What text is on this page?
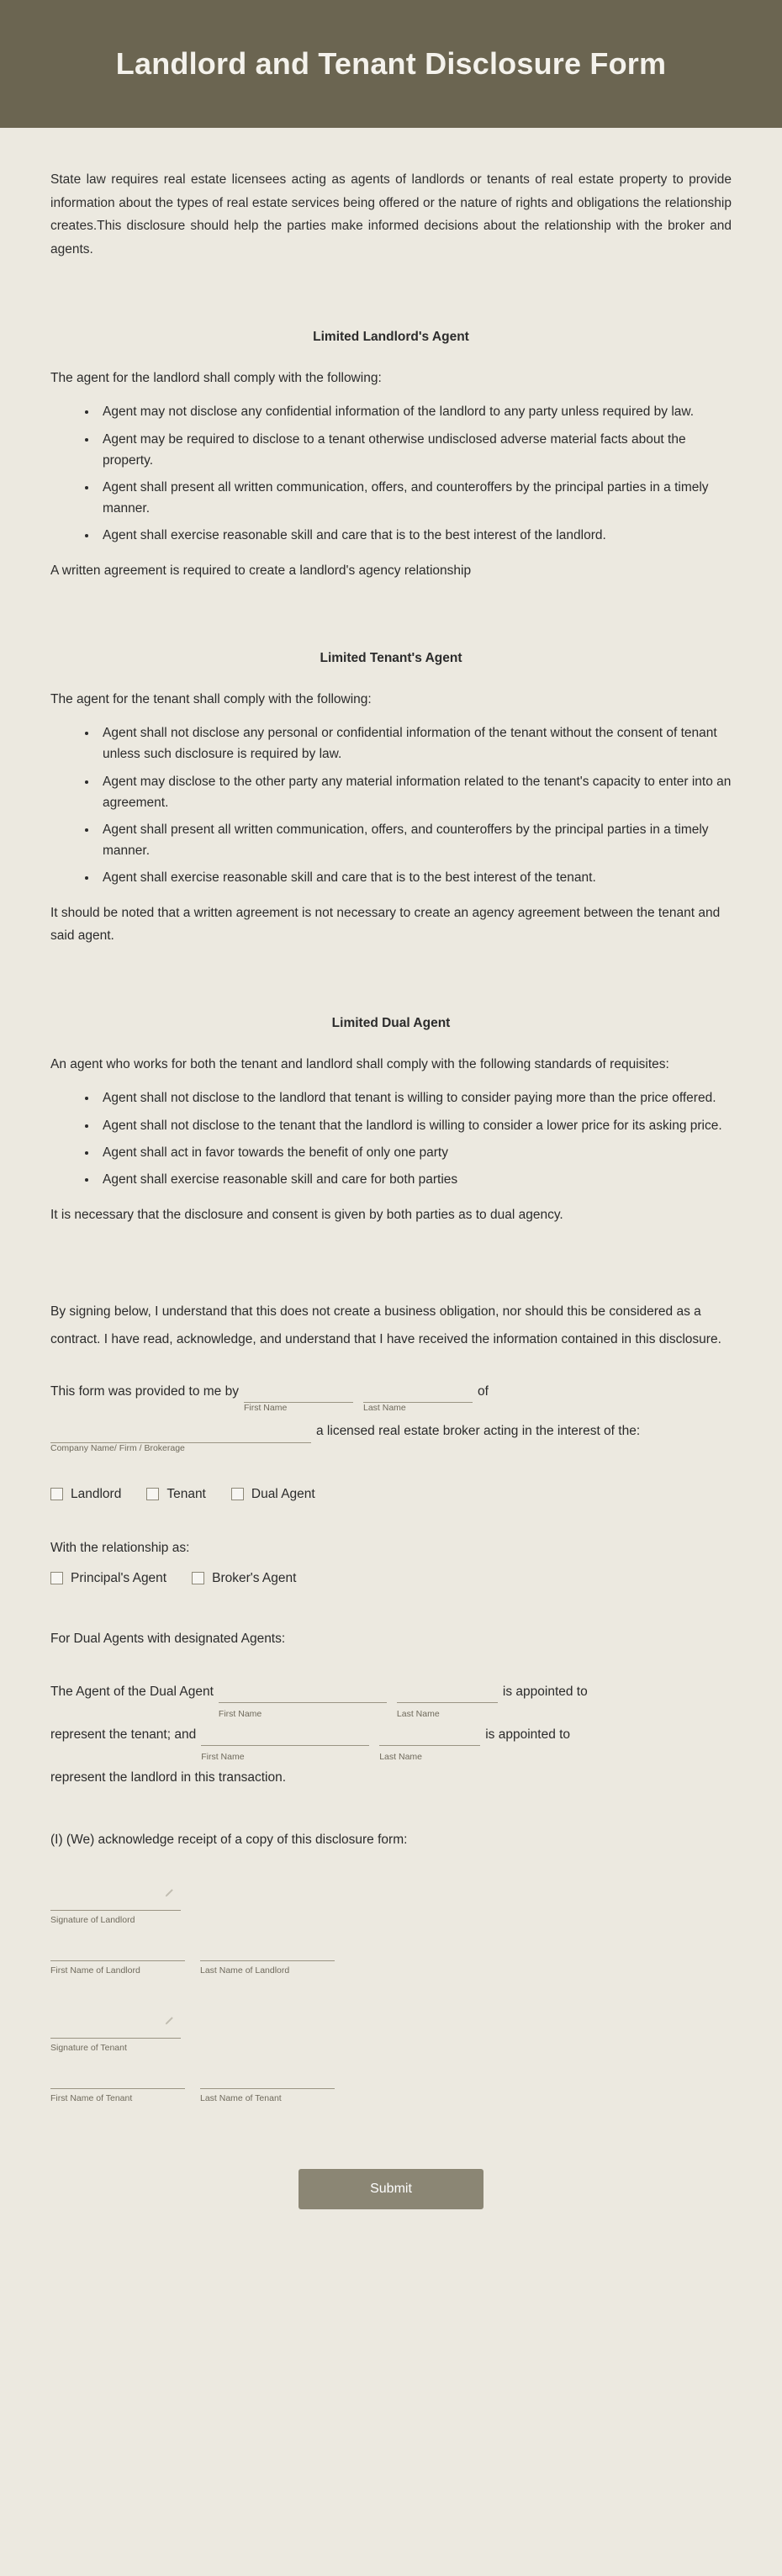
Landlord and Tenant Disclosure Form

State law requires real estate licensees acting as agents of landlords or tenants of real estate property to provide information about the types of real estate services being offered or the nature of rights and obligations the relationship creates.This disclosure should help the parties make informed decisions about the relationship with the broker and agents.

Limited Landlord's Agent
The agent for the landlord shall comply with the following:
• Agent may not disclose any confidential information of the landlord to any party unless required by law.
• Agent may be required to disclose to a tenant otherwise undisclosed adverse material facts about the property.
• Agent shall present all written communication, offers, and counteroffers by the principal parties in a timely manner.
• Agent shall exercise reasonable skill and care that is to the best interest of the landlord.
A written agreement is required to create a landlord's agency relationship
Limited Tenant's Agent
The agent for the tenant shall comply with the following:
• Agent shall not disclose any personal or confidential information of the tenant without the consent of tenant unless such disclosure is required by law.
• Agent may disclose to the other party any material information related to the tenant's capacity to enter into an agreement.
• Agent shall present all written communication, offers, and counteroffers by the principal parties in a timely manner.
• Agent shall exercise reasonable skill and care that is to the best interest of the tenant.
It should be noted that a written agreement is not necessary to create an agency agreement between the tenant and said agent.
Limited Dual Agent
An agent who works for both the tenant and landlord shall comply with the following standards of requisites:
• Agent shall not disclose to the landlord that tenant is willing to consider paying more than the price offered.
• Agent shall not disclose to the tenant that the landlord is willing to consider a lower price for its asking price.
• Agent shall act in favor towards the benefit of only one party
• Agent shall exercise reasonable skill and care for both parties
It is necessary that the disclosure and consent is given by both parties as to dual agency.

By signing below, I understand that this does not create a business obligation, nor should this be considered as a contract. I have read, acknowledge, and understand that I have received the information contained in this disclosure.

This form was provided to me by
First Name	Last Name
of
Company Name/ Firm / Brokerage
a licensed real estate broker acting in the interest of the:
Landlord	Tenant	Dual Agent
With the relationship as:
Principal's Agent	Broker's Agent
For Dual Agents with designated Agents:
The Agent of the Dual Agent
First Name	Last Name
is appointed to
represent the tenant; and
First Name	Last Name
is appointed to
represent the landlord in this transaction.
(I) (We) acknowledge receipt of a copy of this disclosure form:
Signature of Landlord
First Name of Landlord	Last Name of Landlord
Signature of Tenant
First Name of Tenant	Last Name of Tenant
Submit
